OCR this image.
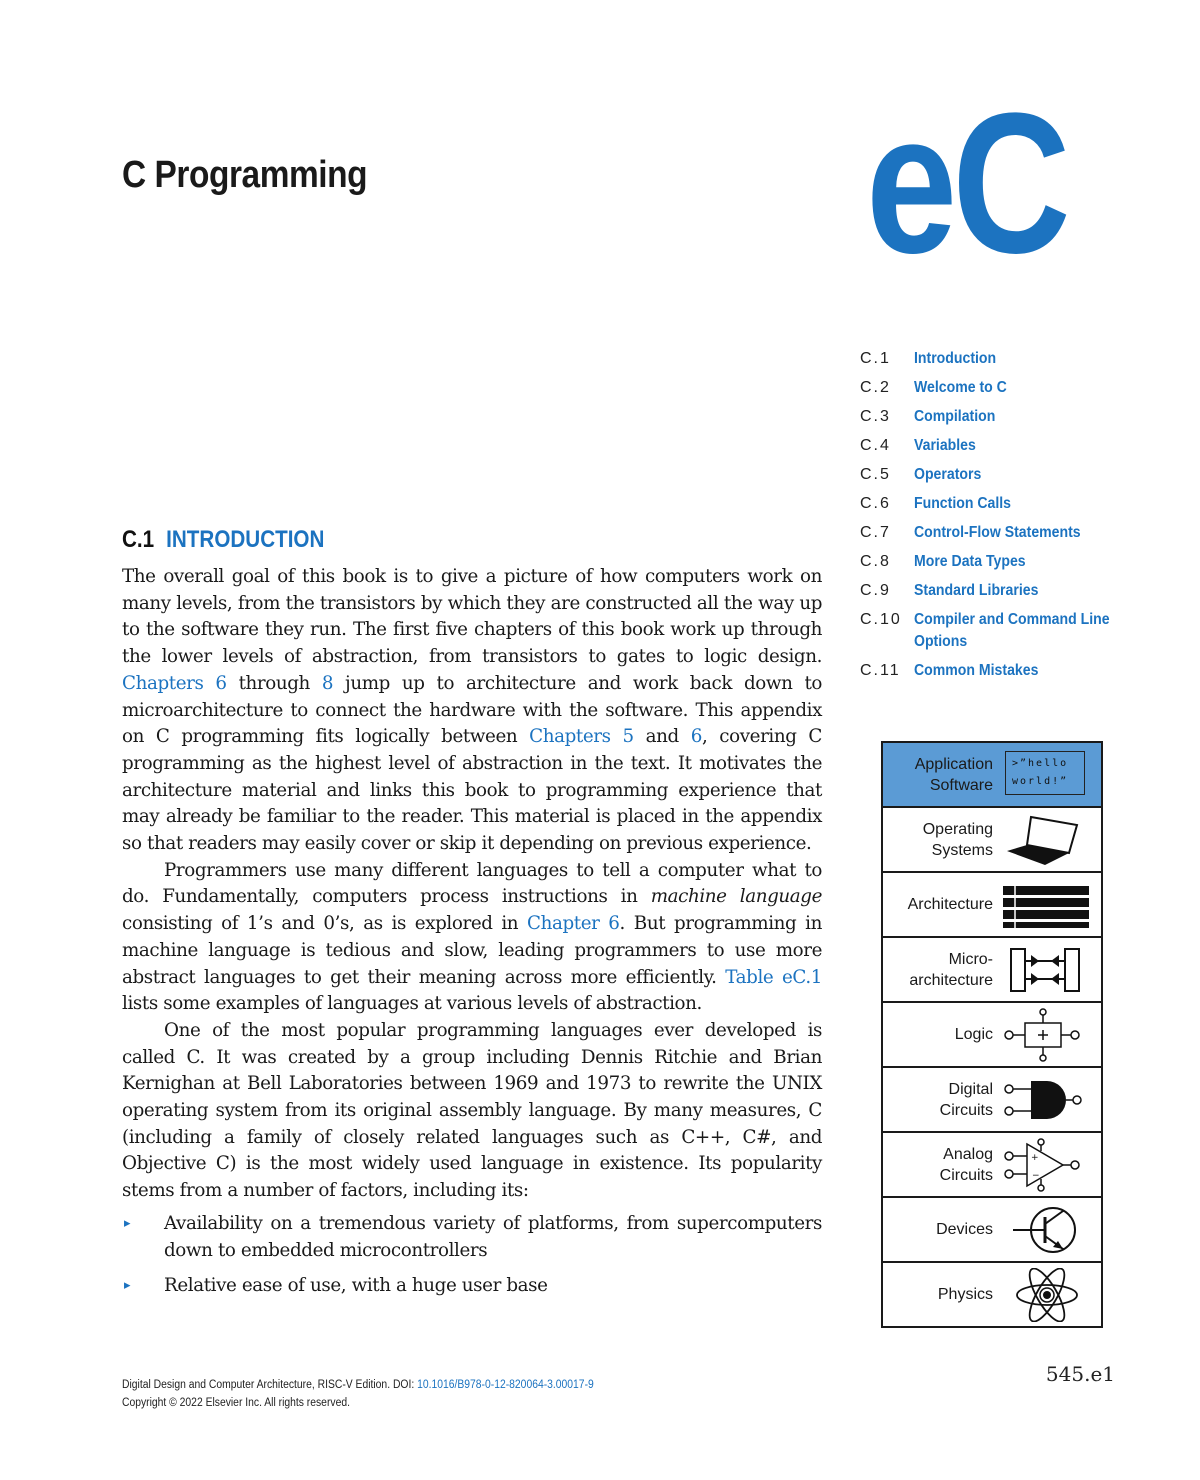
C Programming eC
C.1	Introduction
C.2	Welcome to C
C.3	Compilation
C.4	Variables
C.5	Operators
C.6	Function Calls
C.7	Control-Flow Statements
C.8	More Data Types
C.9	Standard Libraries
C.10 Compiler and Command Line
Options
C.11 Common Mistakes
C.1 INTRODUCTION

The overall goal of this book is to give a picture of how computers work on many levels, from the transistors by which they are constructed all the way up to the software they run. The first five chapters of this book work up through the lower levels of abstraction, from transistors to gates to logic design. Chapters 6 through 8 jump up to architecture and work back down to microarchitecture to connect the hardware with the software. This appendix on C programming fits logically between Chapters 5 and 6, covering C programming as the highest level of abstraction in the text. It motivates the architecture material and links this book to programming experience that may already be familiar to the reader. This material is placed in the appendix so that readers may easily cover or skip it depending on previous experience.

Programmers use many different languages to tell a computer what to do. Fundamentally, computers process instructions in machine language consisting of 1’s and 0’s, as is explored in Chapter 6. But programming in machine language is tedious and slow, leading programmers to use more abstract languages to get their meaning across more efficiently. Table eC.1 lists some examples of languages at various levels of abstraction.

One of the most popular programming languages ever developed is called C. It was created by a group including Dennis Ritchie and Brian Kernighan at Bell Laboratories between 1969 and 1973 to rewrite the UNIX operating system from its original assembly language. By many measures, C (including a family of closely related languages such as C++, C#, and Objective C) is the most widely used language in existence. Its popularity stems from a number of factors, including its:

▸ Availability on a tremendous variety of platforms, from supercomputers down to embedded microcontrollers
▸ Relative ease of use, with a huge user base
Application
Software
>”hello
world!”
Operating
Systems
Architecture
Micro-
architecture
Logic
Digital
Circuits
Analog
Circuits
+
−
Devices
Physics
Digital Design and Computer Architecture, RISC-V Edition. DOI: 10.1016/B978-0-12-820064-3.00017-9
Copyright © 2022 Elsevier Inc. All rights reserved.
545.e1
